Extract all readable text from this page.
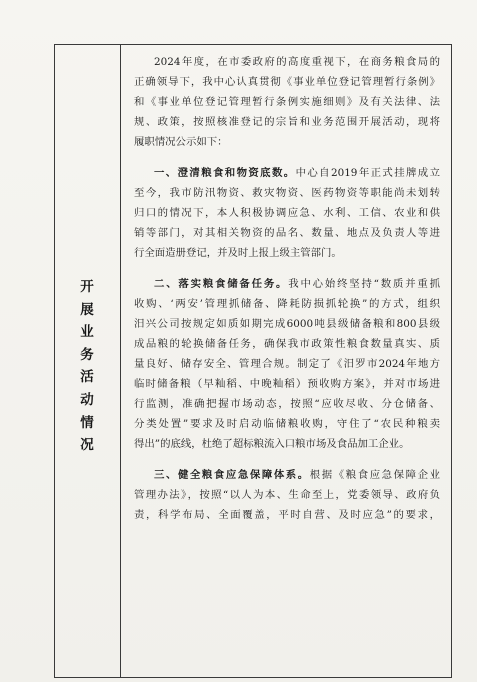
开
展
业
务
活
动
情
况
2024年度，在市委政府的高度重视下，在商务粮食局的
正确领导下，我中心认真贯彻《事业单位登记管理暂行条例》
和《事业单位登记管理暂行条例实施细则》及有关法律、法
规、政策，按照核准登记的宗旨和业务范围开展活动，现将
履职情况公示如下：
一、澄清粮食和物资底数。中心自2019年正式挂牌成立
至今，我市防汛物资、救灾物资、医药物资等职能尚未划转
归口的情况下，本人积极协调应急、水利、工信、农业和供
销等部门，对其相关物资的品名、数量、地点及负责人等进
行全面造册登记，并及时上报上级主管部门。
二、落实粮食储备任务。我中心始终坚持“数质并重抓
收购、‘两安’管理抓储备、降耗防损抓轮换”的方式，组织
汨兴公司按规定如质如期完成6000吨县级储备粮和800县级
成品粮的轮换储备任务，确保我市政策性粮食数量真实、质
量良好、储存安全、管理合规。制定了《汨罗市2024年地方
临时储备粮（早籼稻、中晚籼稻）预收购方案》，并对市场进
行监测，准确把握市场动态，按照“应收尽收、分仓储备、
分类处置”要求及时启动临储粮收购，守住了“农民种粮卖
得出”的底线，杜绝了超标粮流入口粮市场及食品加工企业。
三、健全粮食应急保障体系。根据《粮食应急保障企业
管理办法》，按照“以人为本、生命至上，党委领导、政府负
责，科学布局、全面覆盖，平时自营、及时应急”的要求，
